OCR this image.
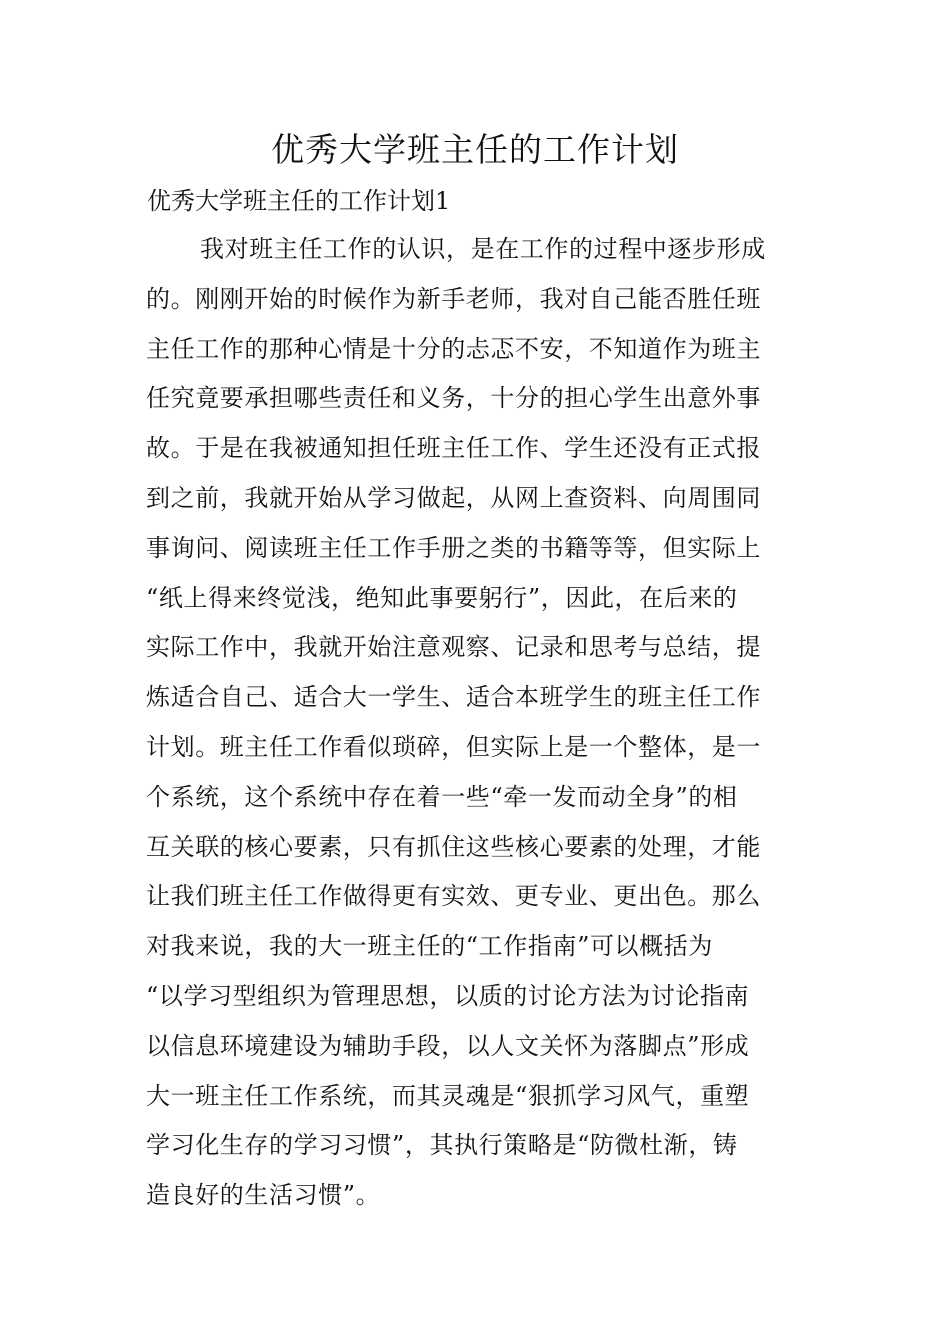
优秀大学班主任的工作计划

优秀大学班主任的工作计划1

我对班主任工作的认识，是在工作的过程中逐步形成
的。刚刚开始的时候作为新手老师，我对自己能否胜任班
主任工作的那种心情是十分的忐忑不安，不知道作为班主
任究竟要承担哪些责任和义务，十分的担心学生出意外事
故。于是在我被通知担任班主任工作、学生还没有正式报
到之前，我就开始从学习做起，从网上查资料、向周围同
事询问、阅读班主任工作手册之类的书籍等等，但实际上
“纸上得来终觉浅，绝知此事要躬行”，因此，在后来的
实际工作中，我就开始注意观察、记录和思考与总结，提
炼适合自己、适合大一学生、适合本班学生的班主任工作
计划。班主任工作看似琐碎，但实际上是一个整体，是一
个系统，这个系统中存在着一些“牵一发而动全身”的相
互关联的核心要素，只有抓住这些核心要素的处理，才能
让我们班主任工作做得更有实效、更专业、更出色。那么
对我来说，我的大一班主任的“工作指南”可以概括为
“以学习型组织为管理思想，以质的讨论方法为讨论指南
以信息环境建设为辅助手段，以人文关怀为落脚点”形成
大一班主任工作系统，而其灵魂是“狠抓学习风气，重塑
学习化生存的学习习惯”，其执行策略是“防微杜渐，铸
造良好的生活习惯”。
